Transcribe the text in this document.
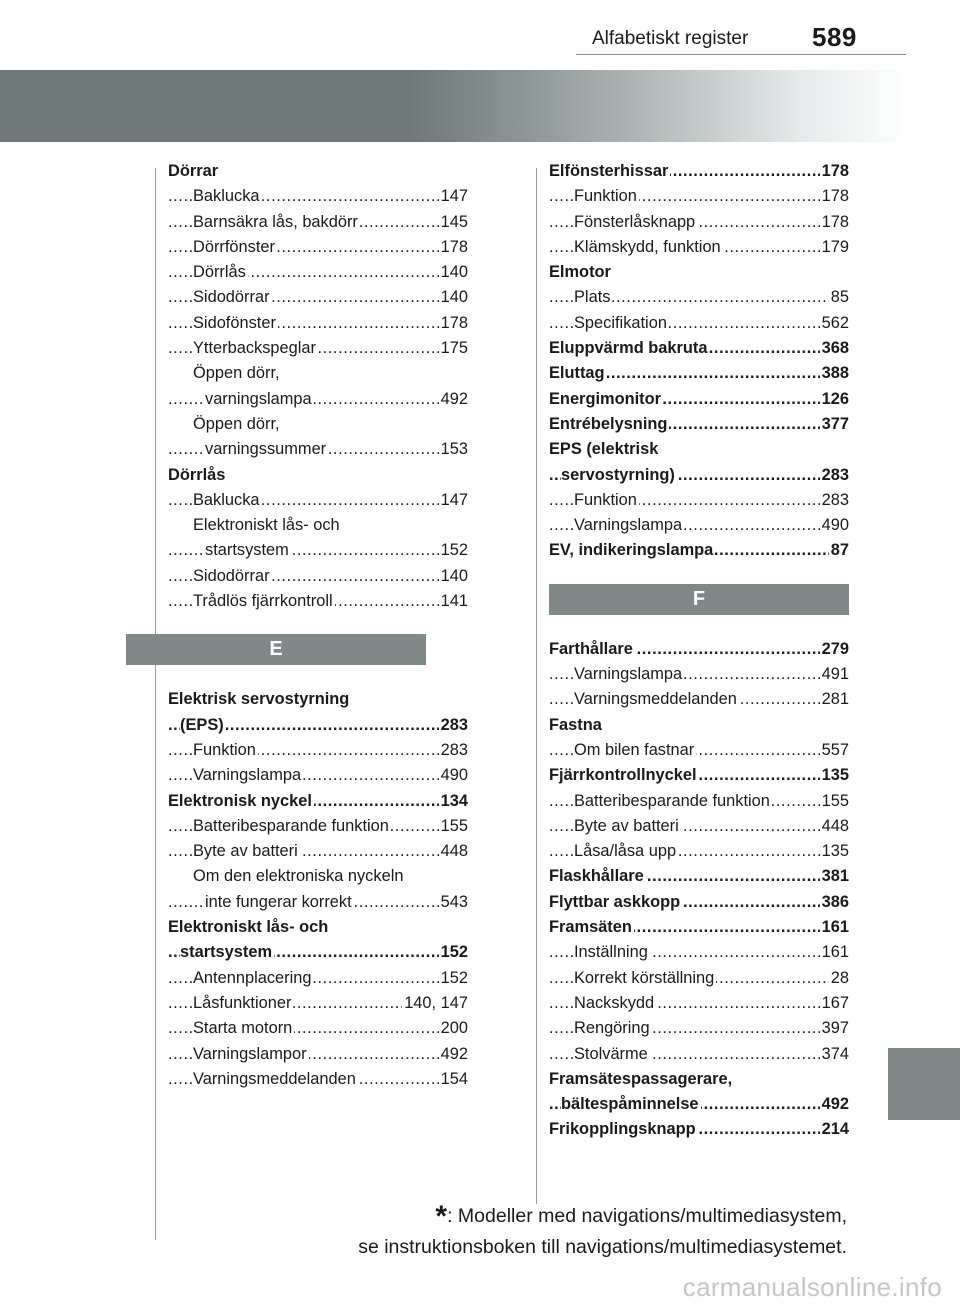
589
Alfabetiskt register
Dörrar
Baklucka	147
.....
Barnsäkra lås, bakdörr	145
.....
Dörrfönster	178
.....
Dörrlås	140
.....
Sidodörrar	140
.....
Sidofönster	178
.....
Ytterbackspeglar	175
.....
Öppen dörr,
varningslampa	492
.....
Öppen dörr,
varningssummer	153
.....
Dörrlås
Baklucka	147
.....
Elektroniskt lås- och
startsystem	152
.....
Sidodörrar	140
.....
Trådlös fjärrkontroll	141
.....
E
Elektrisk servostyrning
(EPS)	283
.....
Funktion	283
.....
Varningslampa	490
.....
Elektronisk nyckel	134
.....
Batteribesparande funktion	155
.....
Byte av batteri	448
.....
Om den elektroniska nyckeln
inte fungerar korrekt	543
.....
Elektroniskt lås- och
startsystem	152
.....
Antennplacering	152
.....
Låsfunktioner	140, 147
.....
Starta motorn	200
.....
Varningslampor	492
.....
Varningsmeddelanden	154
.....
Elfönsterhissar	178
.....
Funktion	178
.....
Fönsterlåsknapp	178
.....
Klämskydd, funktion	179
.....
Elmotor
Plats	85
.....
Specifikation	562
.....
Eluppvärmd bakruta	368
.....
Eluttag	388
.....
Energimonitor	126
.....
Entrébelysning	377
.....
EPS (elektrisk
servostyrning)	283
.....
Funktion	283
.....
Varningslampa	490
.....
EV, indikeringslampa	87
.....
F
Farthållare	279
.....
Varningslampa	491
.....
Varningsmeddelanden	281
.....
Fastna
Om bilen fastnar	557
.....
Fjärrkontrollnyckel	135
.....
Batteribesparande funktion	155
.....
Byte av batteri	448
.....
Låsa/låsa upp	135
.....
Flaskhållare	381
.....
Flyttbar askkopp	386
.....
Framsäten	161
.....
Inställning	161
.....
Korrekt körställning	28
.....
Nackskydd	167
.....
Rengöring	397
.....
Stolvärme	374
.....
Framsätespassagerare,
bältespåminnelse	492
.....
Frikopplingsknapp	214
.....
*: Modeller med navigations/multimediasystem,
se instruktionsboken till navigations/multimediasystemet.
carmanualsonline.info
